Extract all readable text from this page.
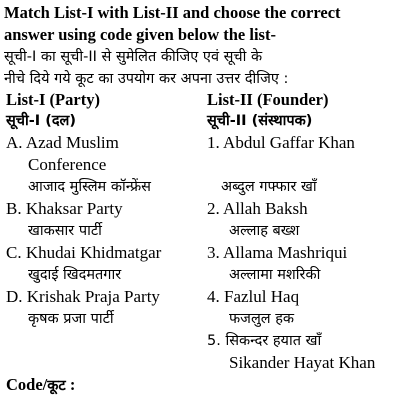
Match List-I with List-II and choose the correct
answer using code given below the list-
सूची-I का सूची-II से सुमेलित कीजिए एवं सूची के
नीचे दिये गये कूट का उपयोग कर अपना उत्तर दीजिए :
List-I (Party)
सूची-I (दल)
A. Azad Muslim
Conference
आजाद मुस्लिम कॉन्फ्रेंस
B. Khaksar Party
खाकसार पार्टी
C. Khudai Khidmatgar
खुदाई खिदमतगार
D. Krishak Praja Party
कृषक प्रजा पार्टी
List-II (Founder)
सूची-II (संस्थापक)
1. Abdul Gaffar Khan
अब्दुल गफ्फार खाँ
2. Allah Baksh
अल्लाह बख्श
3. Allama Mashriqui
अल्लामा मशरिकी
4. Fazlul Haq
फजलुल हक
5. सिकन्दर हयात खाँ
Sikander Hayat Khan
Code/कूट :
